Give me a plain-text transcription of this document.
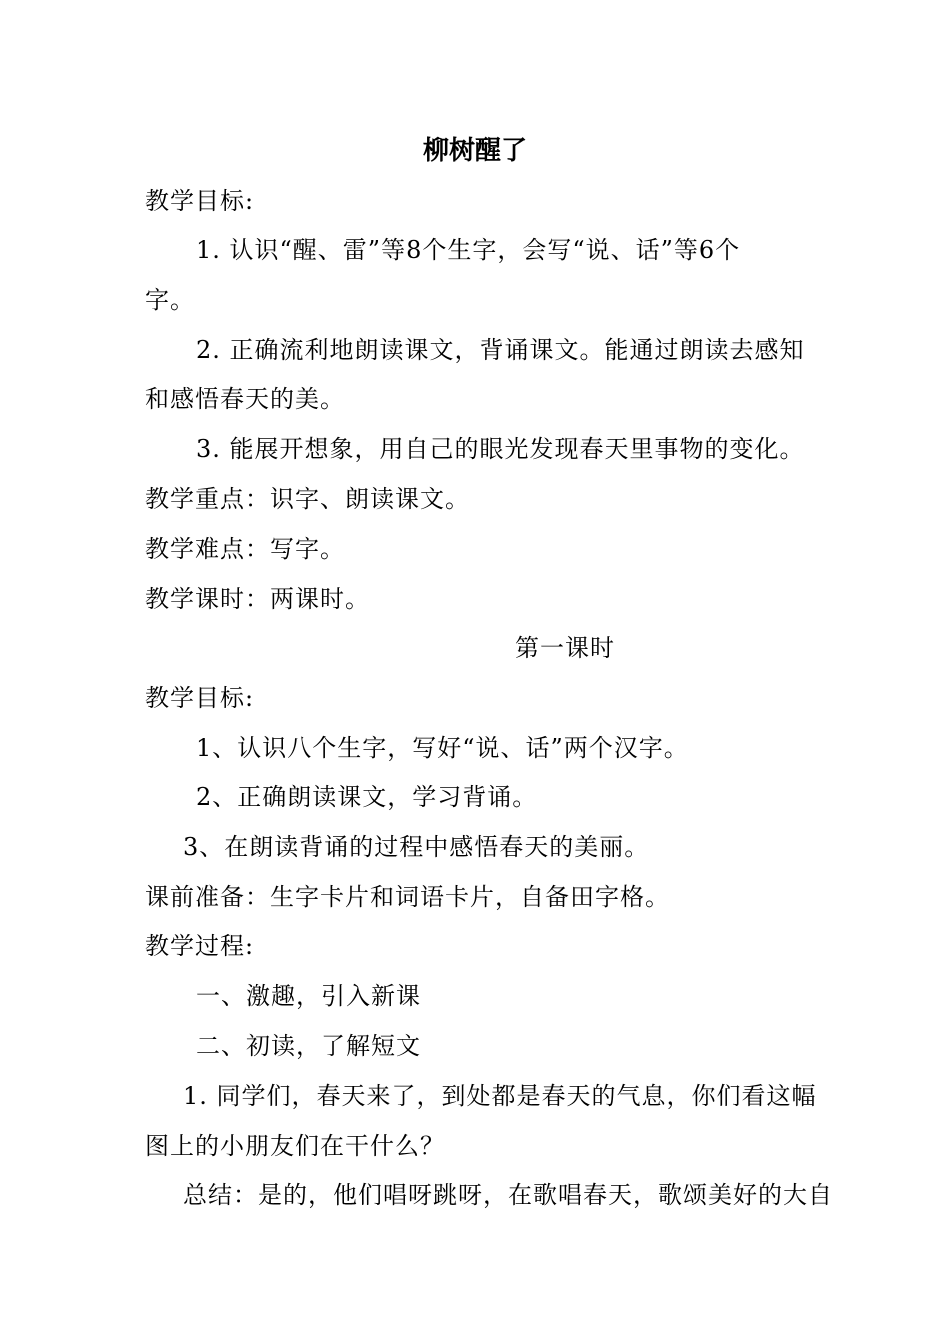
柳树醒了
教学目标:
1. 认识“醒、雷”等8个生字，会写“说、话”等6个
字。
2. 正确流利地朗读课文，背诵课文。能通过朗读去感知
和感悟春天的美。
3. 能展开想象，用自己的眼光发现春天里事物的变化。
教学重点：识字、朗读课文。
教学难点：写字。
教学课时：两课时。
第一课时
教学目标:
1、认识八个生字，写好“说、话”两个汉字。
2、正确朗读课文，学习背诵。
3、在朗读背诵的过程中感悟春天的美丽。
课前准备：生字卡片和词语卡片，自备田字格。
教学过程:
一、激趣，引入新课
二、初读，了解短文
1. 同学们，春天来了，到处都是春天的气息，你们看这幅
图上的小朋友们在干什么？
总结：是的，他们唱呀跳呀，在歌唱春天，歌颂美好的大自
